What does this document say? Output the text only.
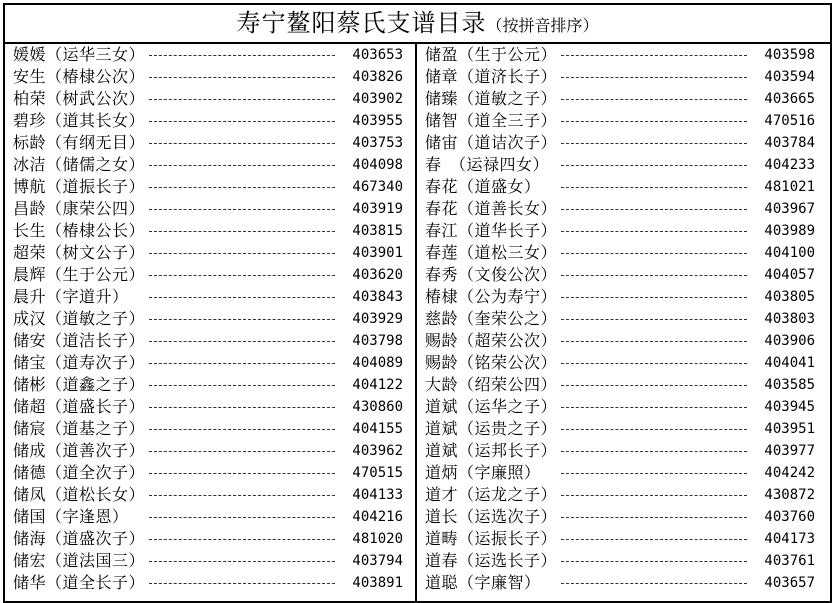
寿宁鳌阳蔡氏支谱目录（按拼音排序）
媛媛（运华三女）	403653
安生（椿棣公次）	403826
柏荣（树武公次）	403902
碧珍（道其长女）	403955
标龄（有纲无目）	403753
冰洁（储儒之女）	404098
博航（道振长子）	467340
昌龄（康荣公四）	403919
长生（椿棣公长）	403815
超荣（树文公子）	403901
晨辉（生于公元）	403620
晨升（字道升）	403843
成汉（道敏之子）	403929
储安（道洁长子）	403798
储宝（道寿次子）	404089
储彬（道鑫之子）	404122
储超（道盛长子）	430860
储宸（道基之子）	404155
储成（道善次子）	403962
储德（道全次子）	470515
储凤（道松长女）	404133
储国（字逢恩）	404216
储海（道盛次子）	481020
储宏（道法国三）	403794
储华（道全长子）	403891
储盈（生于公元）	403598
储章（道济长子）	403594
储臻（道敏之子）	403665
储智（道全三子）	470516
储宙（道诘次子）	403784
春　（运禄四女）	404233
春花（道盛女）	481021
春花（道善长女）	403967
春江（道华长子）	403989
春莲（道松三女）	404100
春秀（文俊公次）	404057
椿棣（公为寿宁）	403805
慈龄（奎荣公之）	403803
赐龄（超荣公次）	403906
赐龄（铭荣公次）	404041
大龄（绍荣公四）	403585
道斌（运华之子）	403945
道斌（运贵之子）	403951
道斌（运邦长子）	403977
道炳（字廉照）	404242
道才（运龙之子）	430872
道长（运选次子）	403760
道畴（运振长子）	404173
道春（运选长子）	403761
道聪（字廉智）	403657
